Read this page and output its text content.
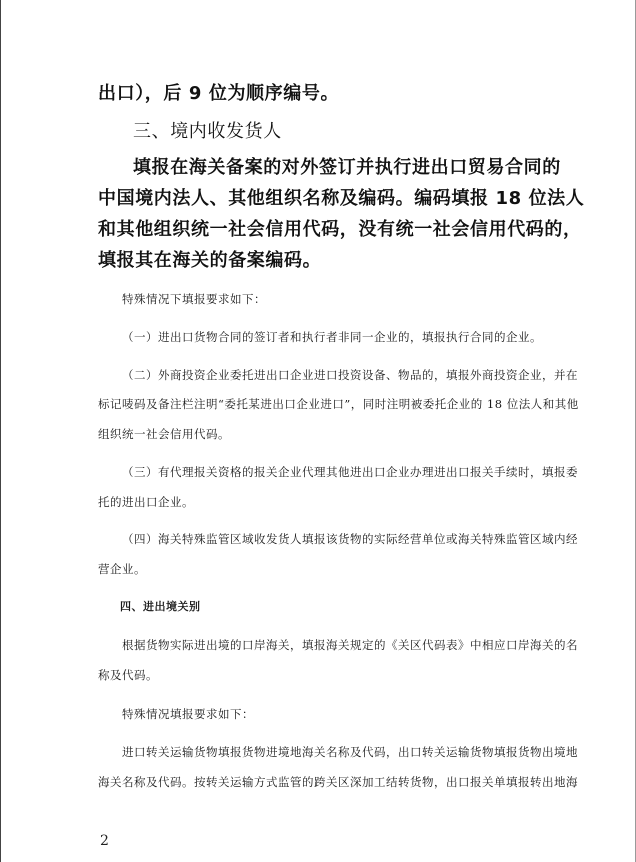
出口），后 9 位为顺序编号。

三、境内收发货人

填报在海关备案的对外签订并执行进出口贸易合同的

中国境内法人、其他组织名称及编码。编码填报 18 位法人

和其他组织统一社会信用代码，没有统一社会信用代码的，

填报其在海关的备案编码。

特殊情况下填报要求如下：

（一）进出口货物合同的签订者和执行者非同一企业的，填报执行合同的企业。

（二）外商投资企业委托进出口企业进口投资设备、物品的，填报外商投资企业，并在

标记唛码及备注栏注明“委托某进出口企业进口”，同时注明被委托企业的 18 位法人和其他

组织统一社会信用代码。

（三）有代理报关资格的报关企业代理其他进出口企业办理进出口报关手续时，填报委

托的进出口企业。

（四）海关特殊监管区域收发货人填报该货物的实际经营单位或海关特殊监管区域内经

营企业。

四、进出境关别

根据货物实际进出境的口岸海关，填报海关规定的《关区代码表》中相应口岸海关的名

称及代码。

特殊情况填报要求如下：

进口转关运输货物填报货物进境地海关名称及代码，出口转关运输货物填报货物出境地

海关名称及代码。按转关运输方式监管的跨关区深加工结转货物，出口报关单填报转出地海

2
